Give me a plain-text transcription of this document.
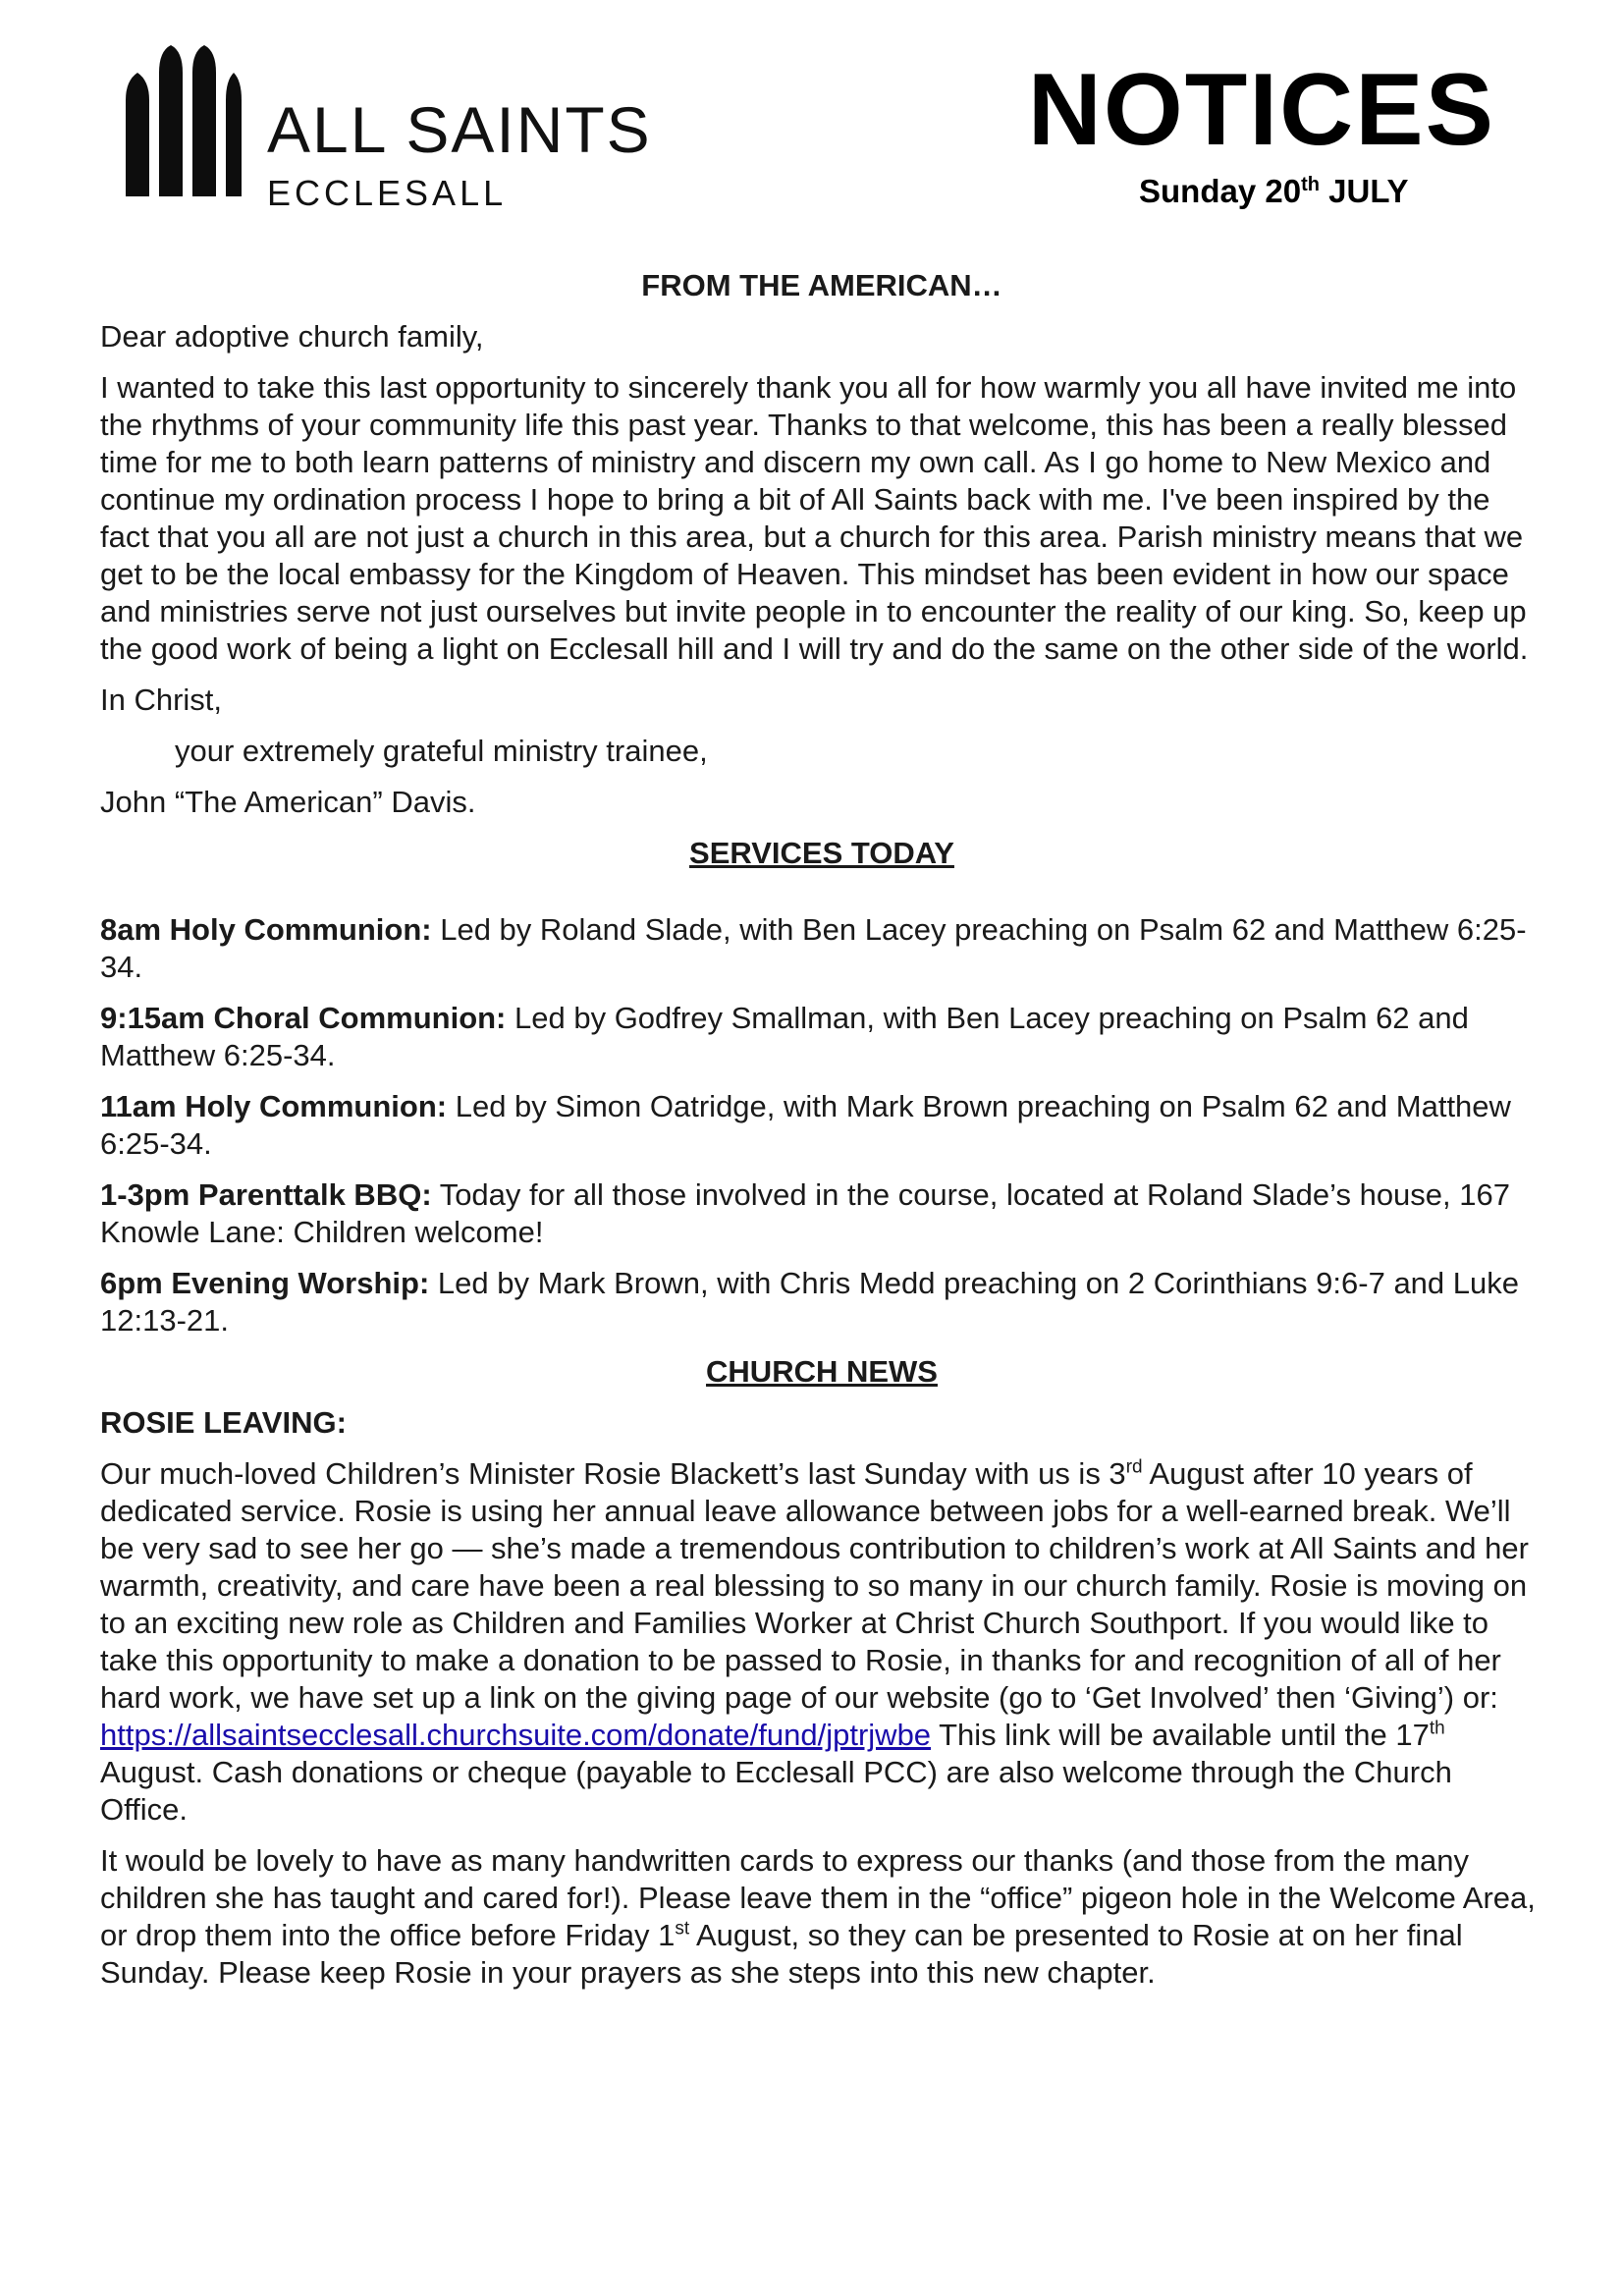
ALL SAINTS
ECCLESALL
NOTICES
Sunday 20th JULY

FROM THE AMERICAN…

Dear adoptive church family,

I wanted to take this last opportunity to sincerely thank you all for how warmly you all have invited me into the rhythms of your community life this past year. Thanks to that welcome, this has been a really blessed time for me to both learn patterns of ministry and discern my own call. As I go home to New Mexico and continue my ordination process I hope to bring a bit of All Saints back with me. I've been inspired by the fact that you all are not just a church in this area, but a church for this area. Parish ministry means that we get to be the local embassy for the Kingdom of Heaven. This mindset has been evident in how our space and ministries serve not just ourselves but invite people in to encounter the reality of our king. So, keep up the good work of being a light on Ecclesall hill and I will try and do the same on the other side of the world.

In Christ,

your extremely grateful ministry trainee,

John “The American” Davis.

SERVICES TODAY

8am Holy Communion: Led by Roland Slade, with Ben Lacey preaching on Psalm 62 and Matthew 6:25-34.

9:15am Choral Communion: Led by Godfrey Smallman, with Ben Lacey preaching on Psalm 62 and Matthew 6:25-34.

11am Holy Communion: Led by Simon Oatridge, with Mark Brown preaching on Psalm 62 and Matthew 6:25-34.

1-3pm Parenttalk BBQ: Today for all those involved in the course, located at Roland Slade’s house, 167 Knowle Lane: Children welcome!

6pm Evening Worship: Led by Mark Brown, with Chris Medd preaching on 2 Corinthians 9:6-7 and Luke 12:13-21.

CHURCH NEWS

ROSIE LEAVING:

Our much-loved Children’s Minister Rosie Blackett’s last Sunday with us is 3rd August after 10 years of dedicated service. Rosie is using her annual leave allowance between jobs for a well-earned break. We’ll be very sad to see her go — she’s made a tremendous contribution to children’s work at All Saints and her warmth, creativity, and care have been a real blessing to so many in our church family. Rosie is moving on to an exciting new role as Children and Families Worker at Christ Church Southport. If you would like to take this opportunity to make a donation to be passed to Rosie, in thanks for and recognition of all of her hard work, we have set up a link on the giving page of our website (go to ‘Get Involved’ then ‘Giving’) or: https://allsaintsecclesall.churchsuite.com/donate/fund/jptrjwbe This link will be available until the 17th August. Cash donations or cheque (payable to Ecclesall PCC) are also welcome through the Church Office.

It would be lovely to have as many handwritten cards to express our thanks (and those from the many children she has taught and cared for!). Please leave them in the “office” pigeon hole in the Welcome Area, or drop them into the office before Friday 1st August, so they can be presented to Rosie at on her final Sunday. Please keep Rosie in your prayers as she steps into this new chapter.
